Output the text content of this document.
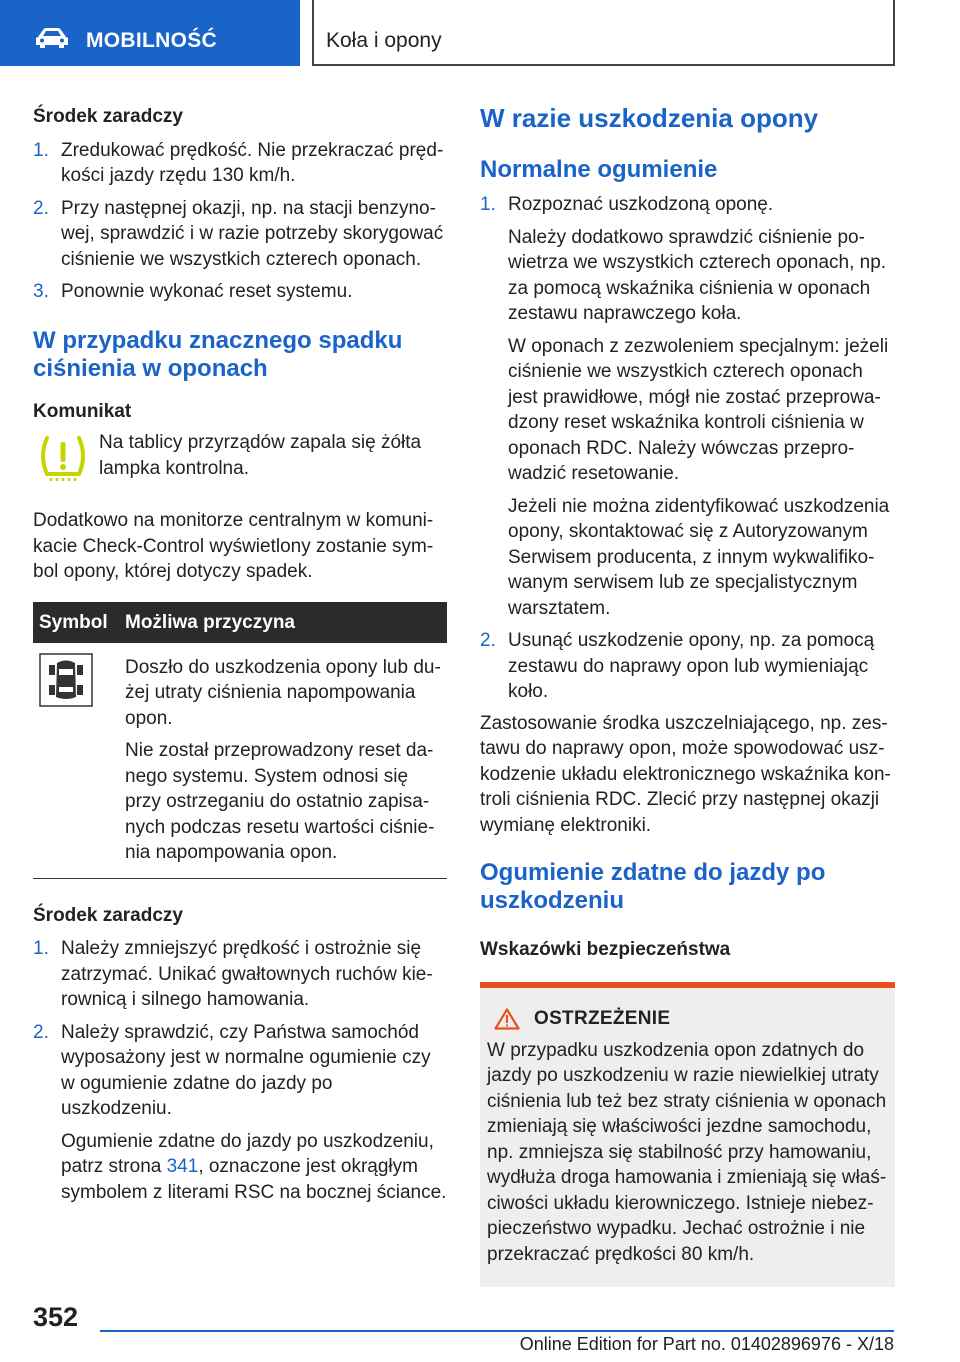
MOBILNOŚĆ	Koła i opony
Środek zaradczy
1. Zredukować prędkość. Nie przekraczać prędkości jazdy rzędu 130 km/h.
2. Przy następnej okazji, np. na stacji benzynowej, sprawdzić i w razie potrzeby skorygować ciśnienie we wszystkich czterech oponach.
3. Ponownie wykonać reset systemu.
W przypadku znacznego spadku ciśnienia w oponach
Komunikat
Na tablicy przyrządów zapala się żółta lampka kontrolna.
Dodatkowo na monitorze centralnym w komunikacie Check-Control wyświetlony zostanie symbol opony, której dotyczy spadek.
Symbol	Możliwa przyczyna

Doszło do uszkodzenia opony lub dużej utraty ciśnienia napompowania opon.
Nie został przeprowadzony reset danego systemu. System odnosi się przy ostrzeganiu do ostatnio zapisanych podczas resetu wartości ciśnienia napompowania opon.
Środek zaradczy
1. Należy zmniejszyć prędkość i ostrożnie się zatrzymać. Unikać gwałtownych ruchów kierownicą i silnego hamowania.
2. Należy sprawdzić, czy Państwa samochód wyposażony jest w normalne ogumienie czy w ogumienie zdatne do jazdy po uszkodzeniu.
Ogumienie zdatne do jazdy po uszkodzeniu, patrz strona 341, oznaczone jest okrągłym symbolem z literami RSC na bocznej ściance.
W razie uszkodzenia opony
Normalne ogumienie
1. Rozpoznać uszkodzoną oponę.
Należy dodatkowo sprawdzić ciśnienie powietrza we wszystkich czterech oponach, np. za pomocą wskaźnika ciśnienia w oponach zestawu naprawczego koła.
W oponach z zezwoleniem specjalnym: jeżeli ciśnienie we wszystkich czterech oponach jest prawidłowe, mógł nie zostać przeprowadzony reset wskaźnika kontroli ciśnienia w oponach RDC. Należy wówczas przeprowadzić resetowanie.
Jeżeli nie można zidentyfikować uszkodzenia opony, skontaktować się z Autoryzowanym Serwisem producenta, z innym wykwalifikowanym serwisem lub ze specjalistycznym warsztatem.
2. Usunąć uszkodzenie opony, np. za pomocą zestawu do naprawy opon lub wymieniając koło.
Zastosowanie środka uszczelniającego, np. zestawu do naprawy opon, może spowodować uszkodzenie układu elektronicznego wskaźnika kontroli ciśnienia RDC. Zlecić przy następnej okazji wymianę elektroniki.
Ogumienie zdatne do jazdy po uszkodzeniu
Wskazówki bezpieczeństwa
OSTRZEŻENIE
W przypadku uszkodzenia opon zdatnych do jazdy po uszkodzeniu w razie niewielkiej utraty ciśnienia lub też bez straty ciśnienia w oponach zmieniają się właściwości jezdne samochodu, np. zmniejsza się stabilność przy hamowaniu, wydłuża droga hamowania i zmieniają się właściwości układu kierowniczego. Istnieje niebezpieczeństwo wypadku. Jechać ostrożnie i nie przekraczać prędkości 80 km/h.
352
Online Edition for Part no. 01402896976 - X/18
